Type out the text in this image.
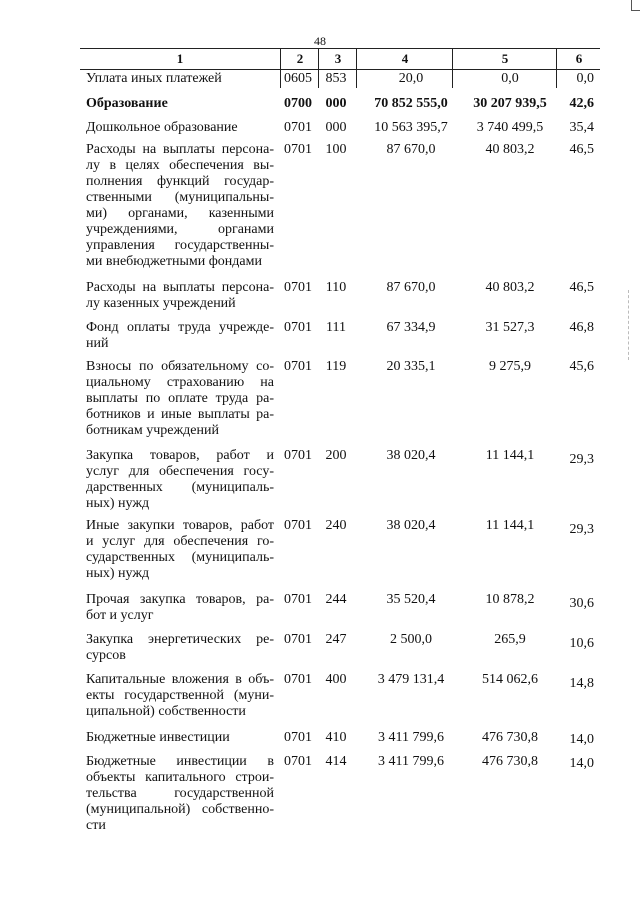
48
1	2	3	4	5	6
Уплата иных платежей	0605 853	20,0	0,0	0,0
Образование	0700 000	70 852 555,0	30 207 939,5	42,6
Дошкольное образование	0701 000	10 563 395,7	3 740 499,5	35,4
Расходы на выплаты персона-
лу в целях обеспечения вы-
полнения функций государ-
ственными (муниципальны-
ми) органами, казенными
учреждениями, органами
управления государственны-
ми внебюджетными фондами
0701 100	87 670,0	40 803,2	46,5
Расходы на выплаты персона-
лу казенных учреждений
0701 110	87 670,0	40 803,2	46,5
Фонд оплаты труда учрежде-
ний
0701	111	67 334,9	31 527,3	46,8
Взносы по обязательному со-
циальному страхованию на
выплаты по оплате труда ра-
ботников и иные выплаты ра-
ботникам учреждений
0701 119	20 335,1	9 275,9	45,6
Закупка товаров, работ и
услуг для обеспечения госу-
дарственных (муниципаль-
ных) нужд
0701 200	38 020,4	11 144,1	29,3
Иные закупки товаров, работ
и услуг для обеспечения го-
сударственных (муниципаль-
ных) нужд
0701 240	38 020,4	11 144,1	29,3
Прочая закупка товаров, ра-
бот и услуг
0701 244	35 520,4	10 878,2	30,6
Закупка энергетических ре-
сурсов
0701 247	2 500,0	265,9	10,6
Капитальные вложения в объ-
екты государственной (муни-
ципальной) собственности
0701 400	3 479 131,4	514 062,6	14,8
Бюджетные инвестиции	0701 410	3 411 799,6	476 730,8	14,0
Бюджетные инвестиции в
объекты капитального строи-
тельства государственной
(муниципальной) собственно-
сти
0701 414	3 411 799,6	476 730,8	14,0
